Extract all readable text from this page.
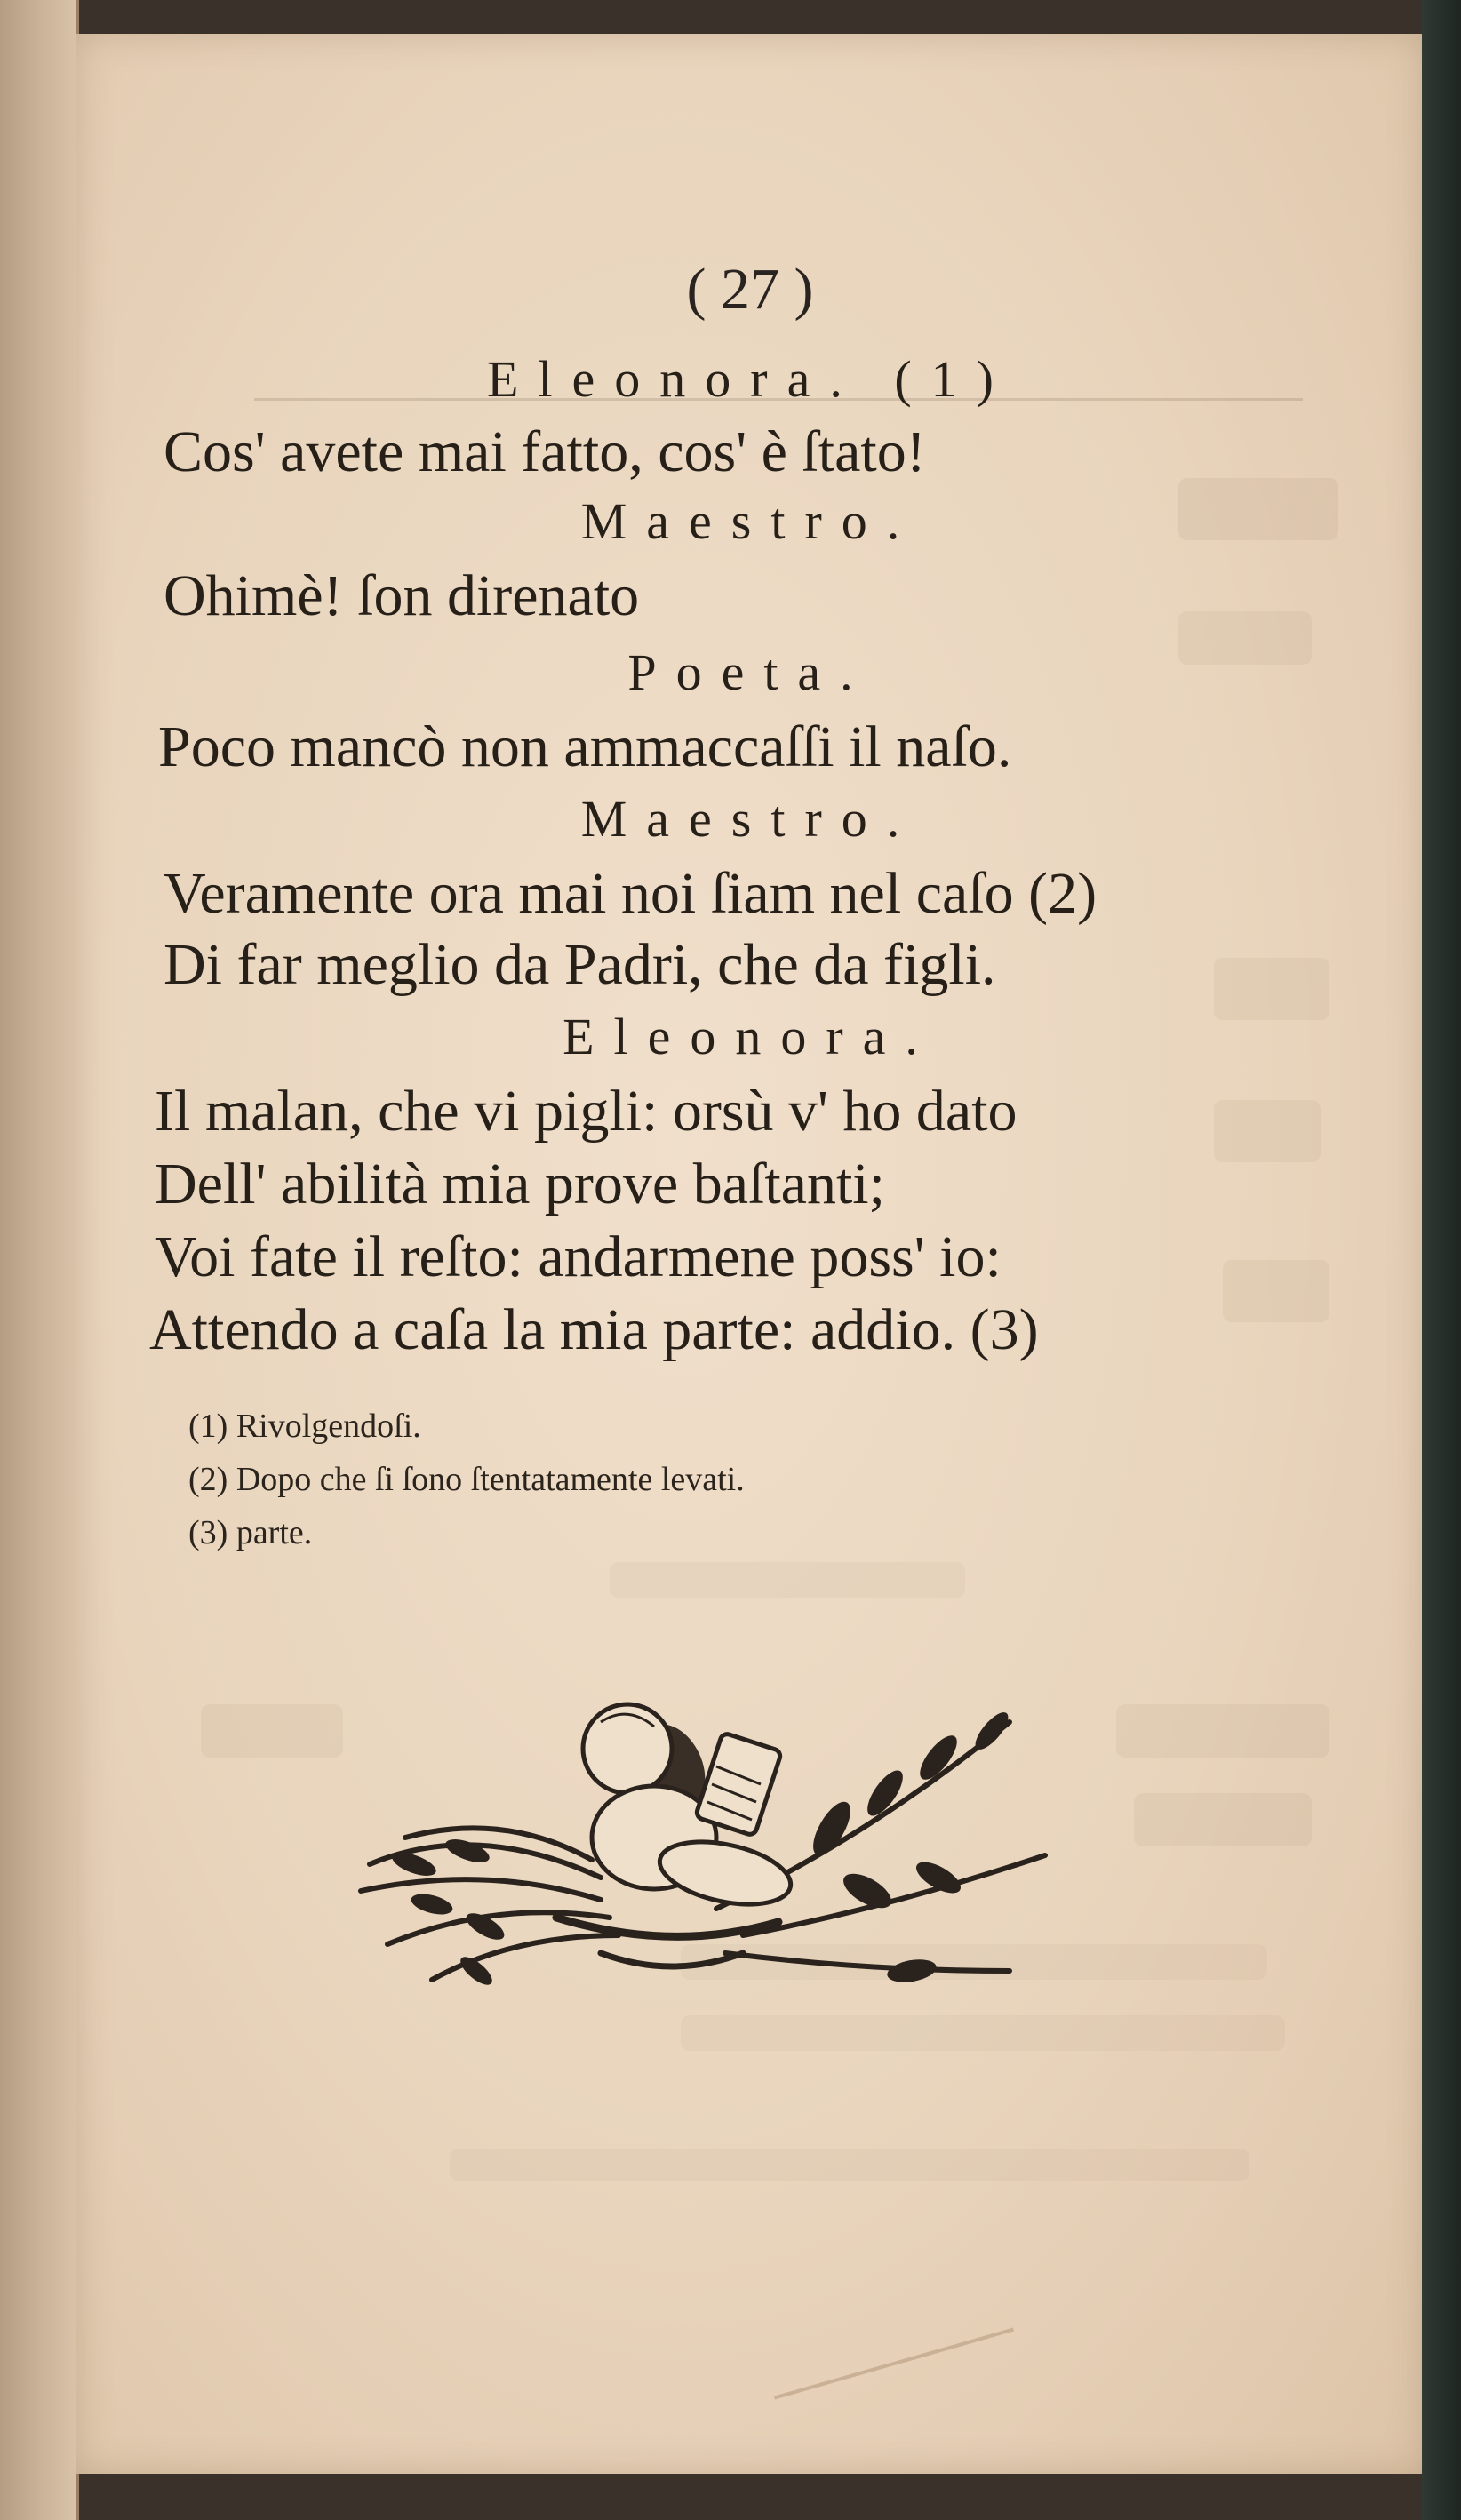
( 27 )
Eleonora. (1)
Cos' avete mai fatto, cos' è ſtato!
Maestro.
Ohimè! ſon direnato
Poeta.
Poco mancò non ammaccaſſi il naſo.
Maestro.
Veramente ora mai noi ſiam nel caſo (2)
Di far meglio da Padri, che da figli.
Eleonora.
Il malan, che vi pigli: orsù v' ho dato
Dell' abilità mia prove baſtanti;
Voi fate il reſto: andarmene poss' io:
Attendo a caſa la mia parte: addio. (3)
(1) Rivolgendoſi.
(2) Dopo che ſi ſono ſtentatamente levati.
(3) parte.
